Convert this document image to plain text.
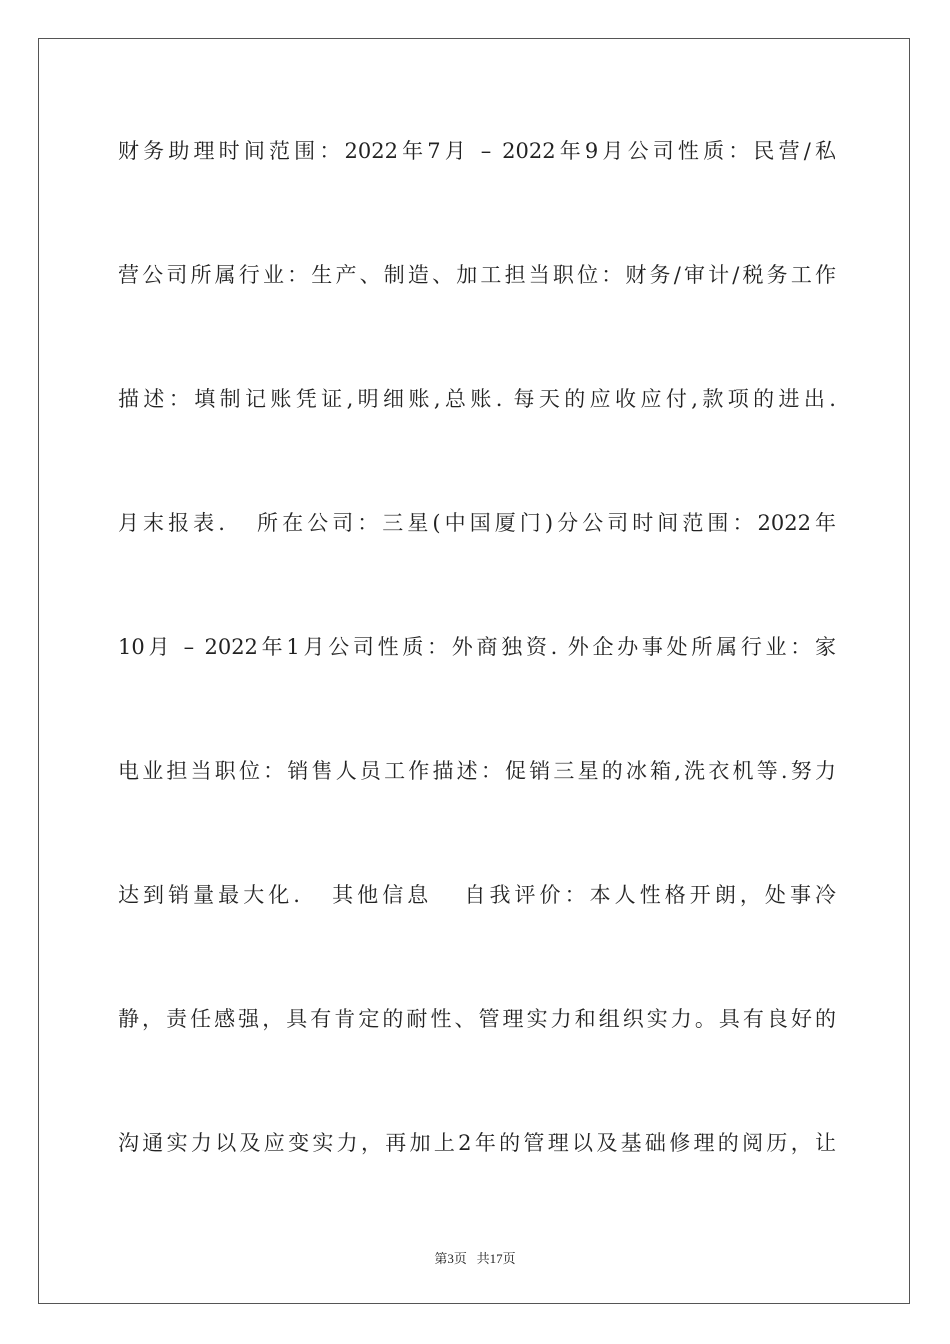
财务助理时间范围：2022年7月 – 2022年9月公司性质：民营/私
营公司所属行业：生产、制造、加工担当职位：财务/审计/税务工作
描述：填制记账凭证,明细账,总账. 每天的应收应付,款项的进出.
月末报表.   所在公司：三星(中国厦门)分公司时间范围：2022年
10月 – 2022年1月公司性质：外商独资. 外企办事处所属行业：家
电业担当职位：销售人员工作描述：促销三星的冰箱,洗衣机等.努力
达到销量最大化.   其他信息   自我评价：本人性格开朗，处事冷
静，责任感强，具有肯定的耐性、管理实力和组织实力。具有良好的
沟通实力以及应变实力，再加上2年的管理以及基础修理的阅历，让
第3页   共17页
